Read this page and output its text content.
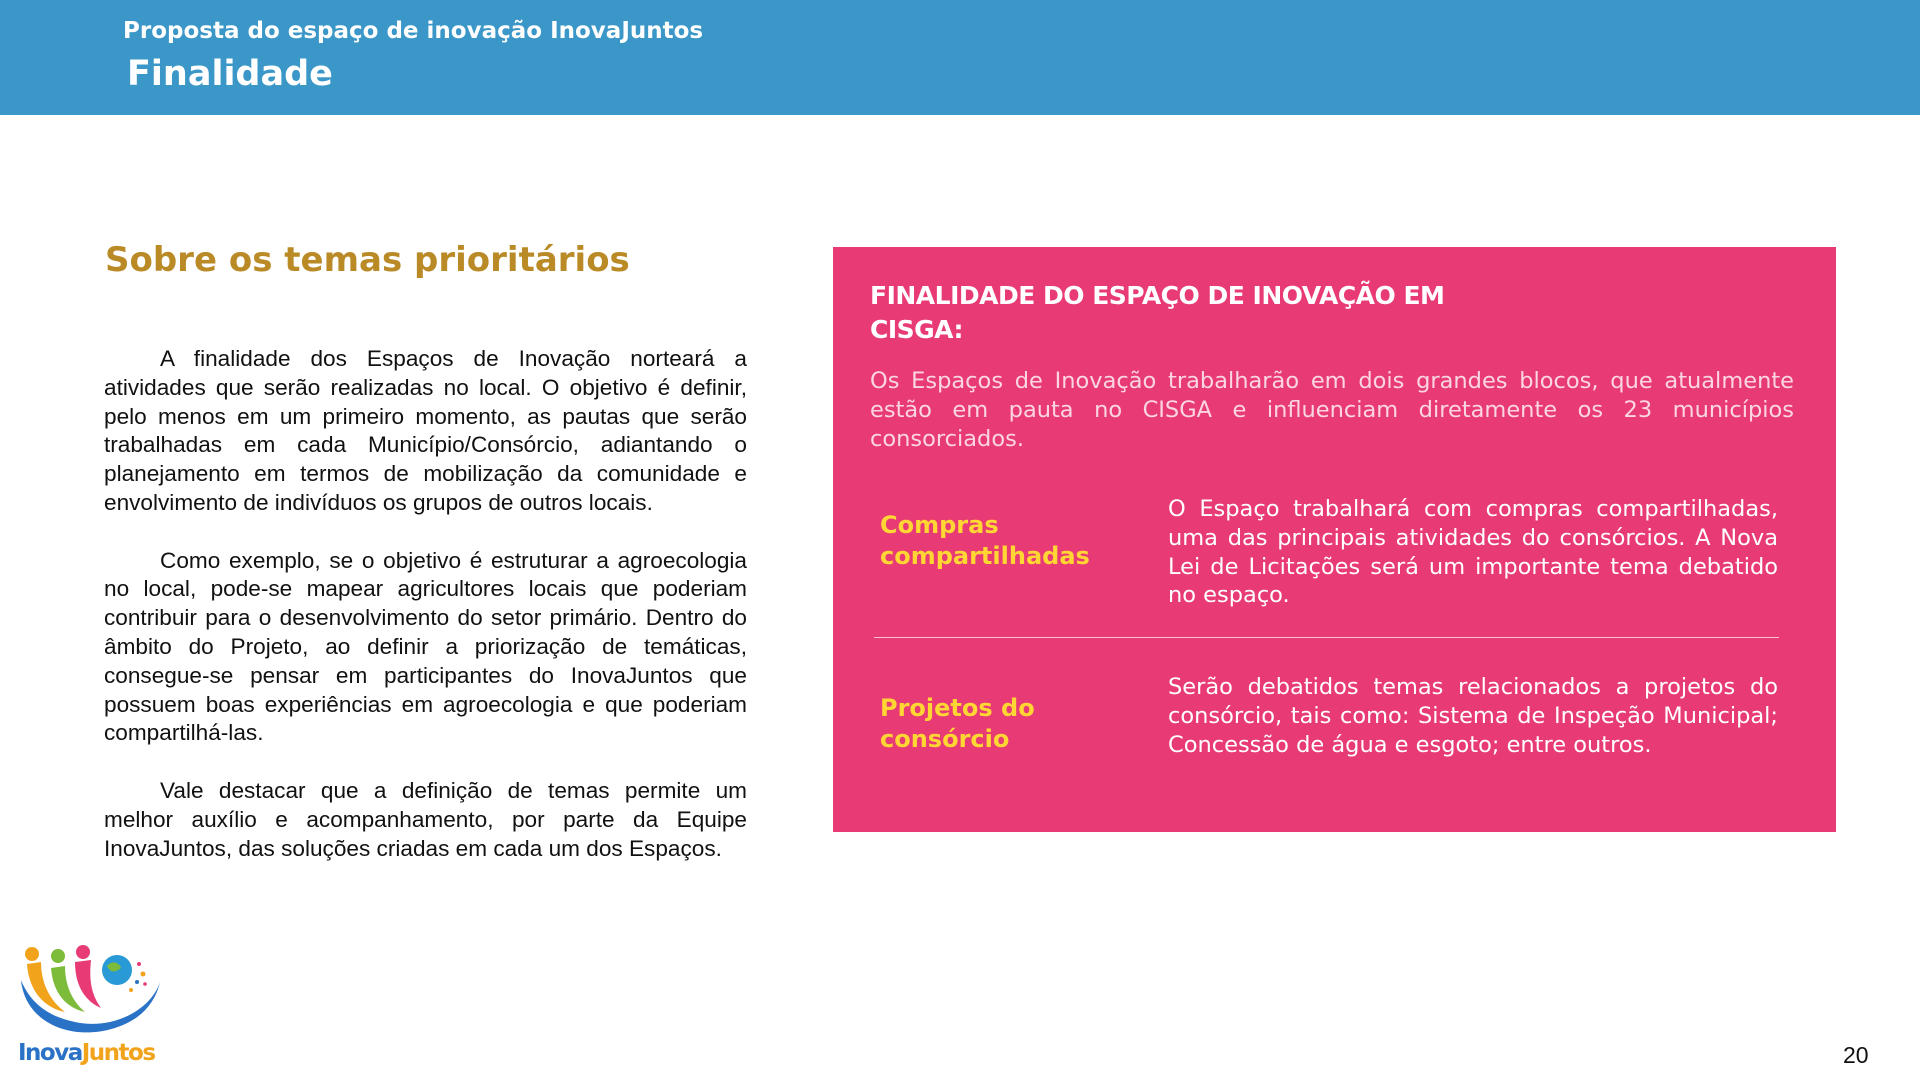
Proposta do espaço de inovação InovaJuntos
Finalidade
Sobre os temas prioritários

A finalidade dos Espaços de Inovação norteará a atividades que serão realizadas no local. O objetivo é definir, pelo menos em um primeiro momento, as pautas que serão trabalhadas em cada Município/Consórcio, adiantando o planejamento em termos de mobilização da comunidade e envolvimento de indivíduos os grupos de outros locais.

Como exemplo, se o objetivo é estruturar a agroecologia no local, pode-se mapear agricultores locais que poderiam contribuir para o desenvolvimento do setor primário. Dentro do âmbito do Projeto, ao definir a priorização de temáticas, consegue-se pensar em participantes do InovaJuntos que possuem boas experiências em agroecologia e que poderiam compartilhá-las.

Vale destacar que a definição de temas permite um melhor auxílio e acompanhamento, por parte da Equipe InovaJuntos, das soluções criadas em cada um dos Espaços.

FINALIDADE DO ESPAÇO DE INOVAÇÃO EM CISGA:
Os Espaços de Inovação trabalharão em dois grandes blocos, que atualmente estão em pauta no CISGA e influenciam diretamente os 23 municípios consorciados.
Compras compartilhadas
O Espaço trabalhará com compras compartilhadas, uma das principais atividades do consórcios. A Nova Lei de Licitações será um importante tema debatido no espaço.
Projetos do consórcio
Serão debatidos temas relacionados a projetos do consórcio, tais como: Sistema de Inspeção Municipal; Concessão de água e esgoto; entre outros.
InovaJuntos	20
